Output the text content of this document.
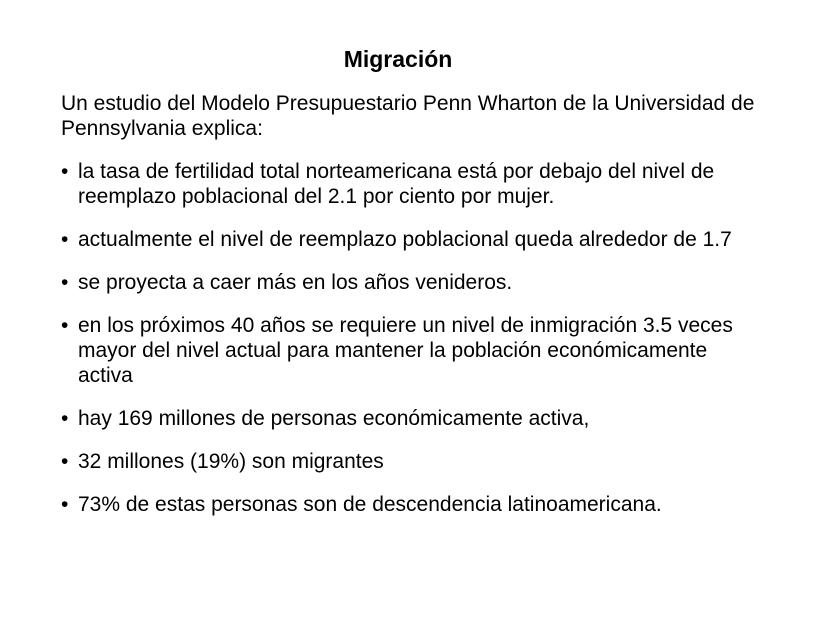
Migración

Un estudio del Modelo Presupuestario Penn Wharton de la Universidad de Pennsylvania explica:

• la tasa de fertilidad total norteamericana está por debajo del nivel de reemplazo poblacional del 2.1 por ciento por mujer.
• actualmente el nivel de reemplazo poblacional queda alrededor de 1.7
• se proyecta a caer más en los años venideros.
• en los próximos 40 años se requiere un nivel de inmigración 3.5 veces mayor del nivel actual para mantener la población económicamente activa
• hay 169 millones de personas económicamente activa,
• 32 millones (19%) son migrantes
• 73% de estas personas son de descendencia latinoamericana.
